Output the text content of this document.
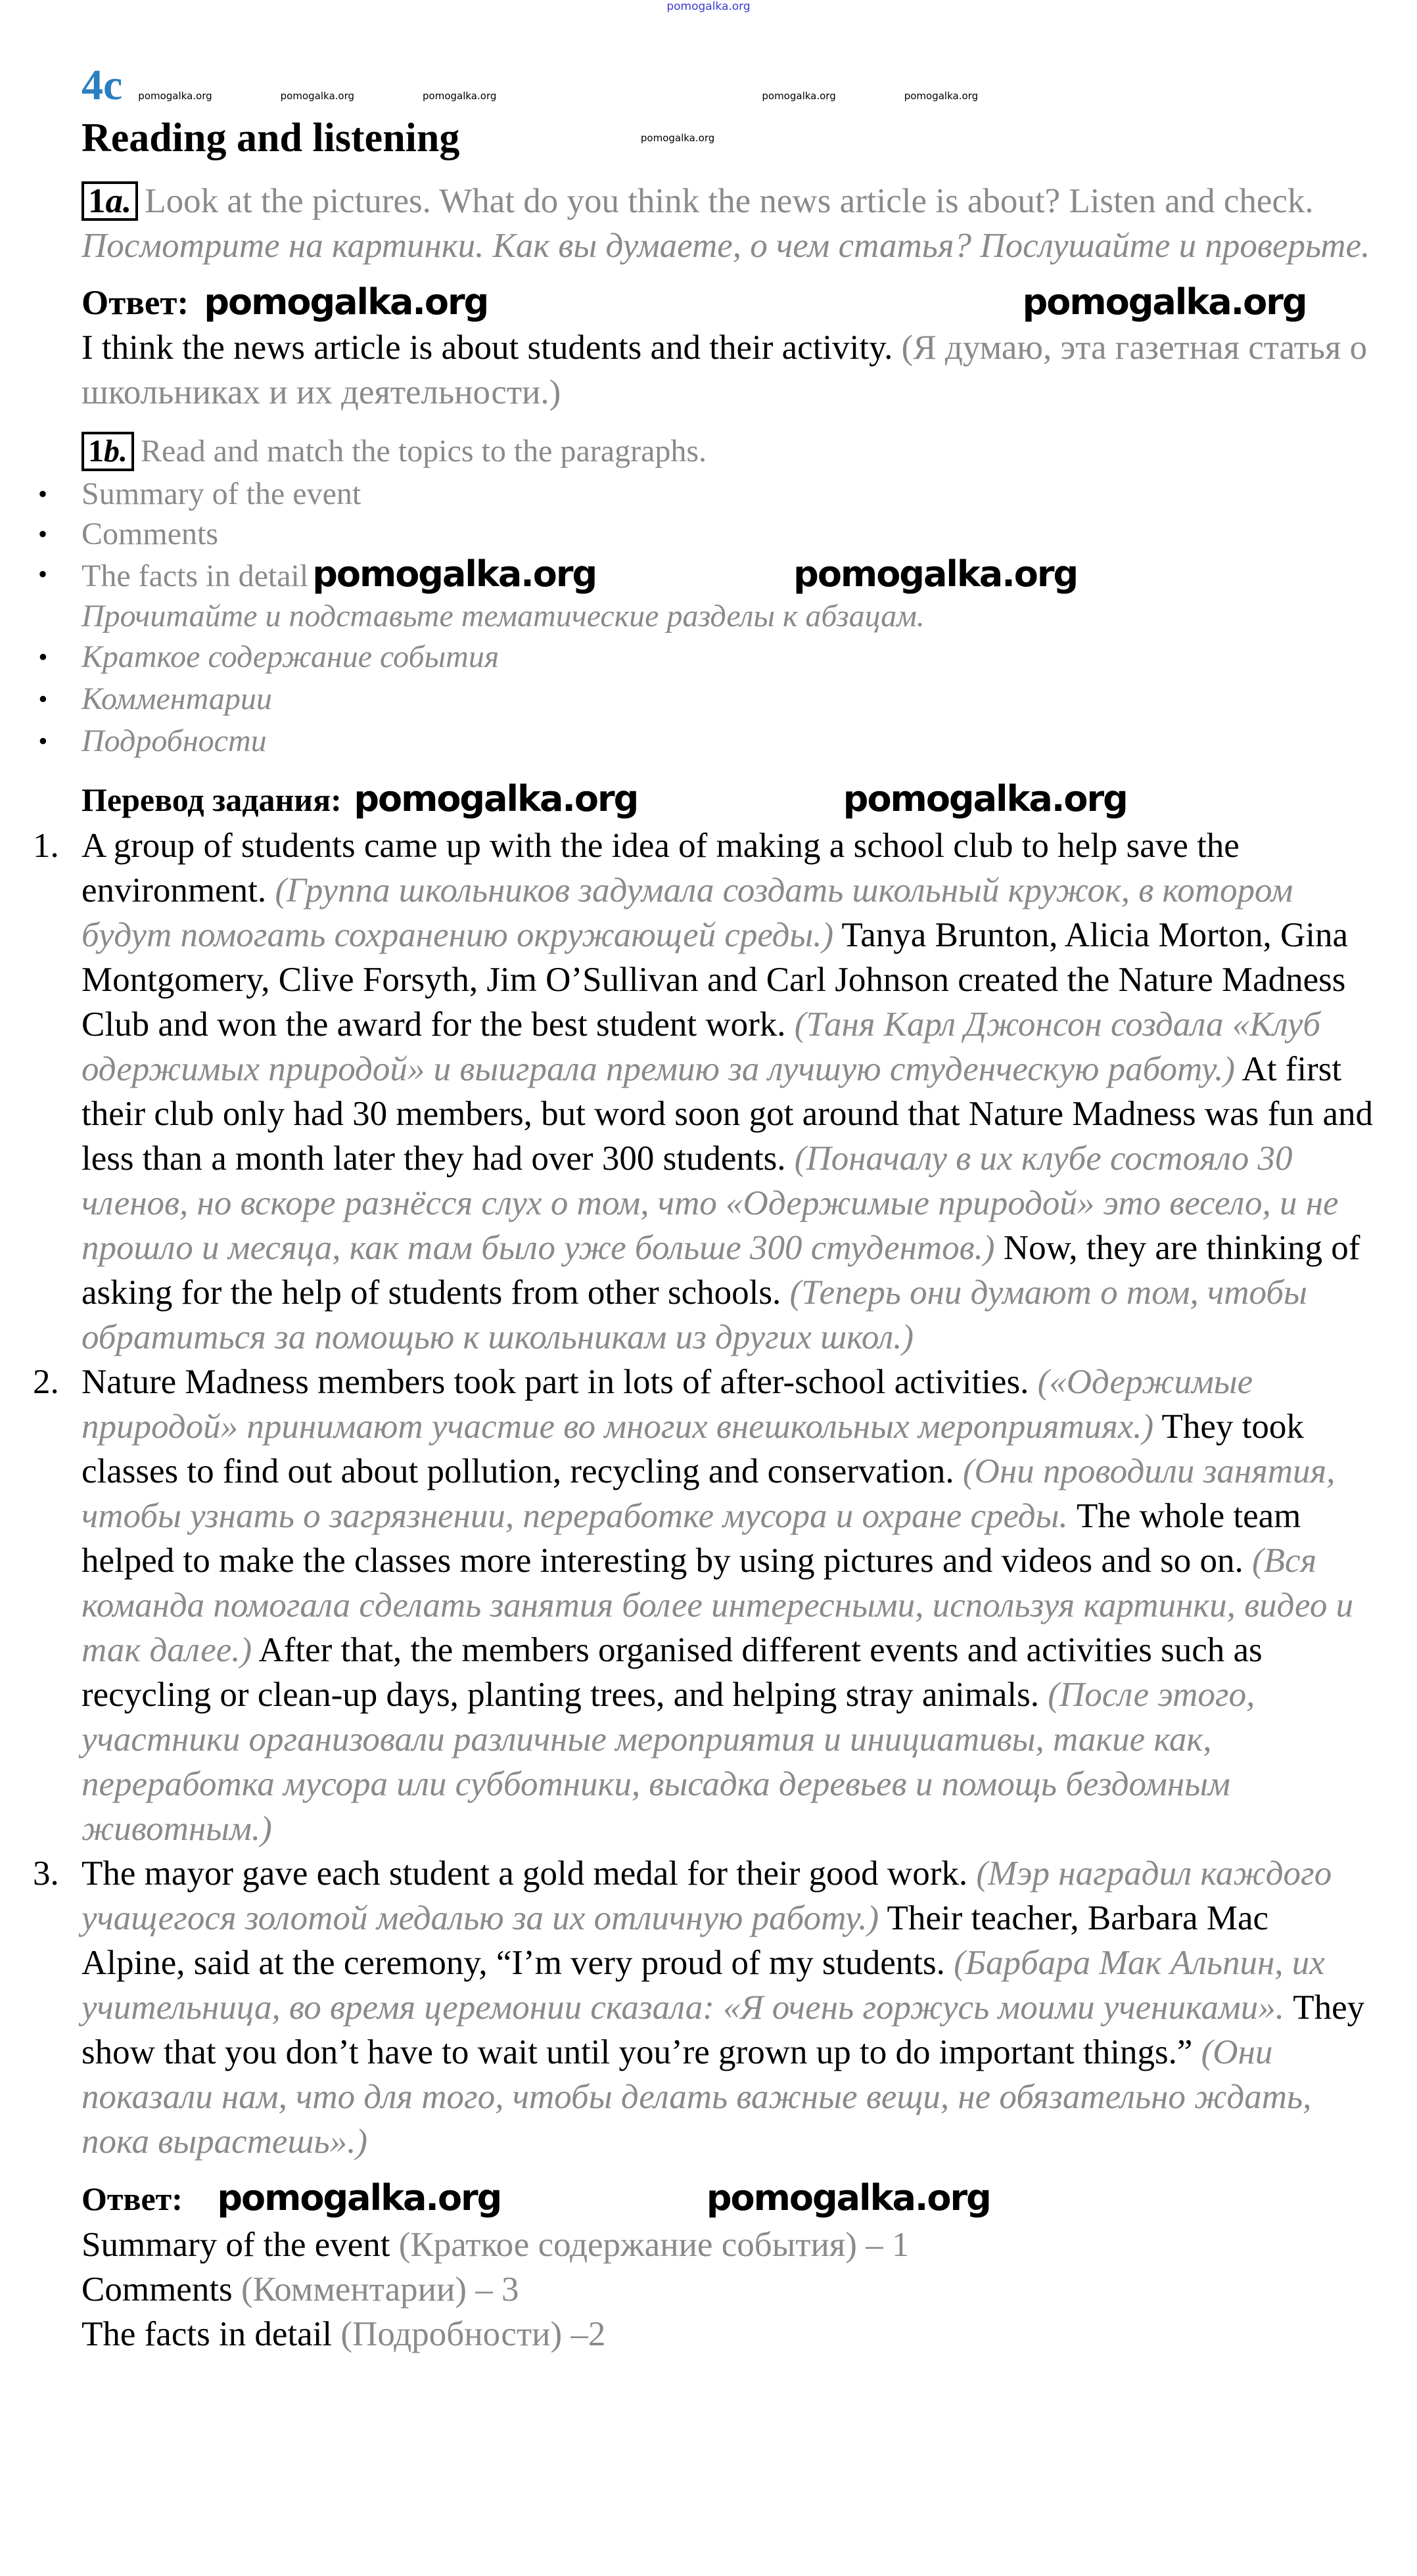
pomogalka.org
4c pomogalka.org	pomogalka.org	pomogalka.org	pomogalka.org	pomogalka.org
Reading and listening	pomogalka.org
1a. Look at the pictures. What do you think the news article is about? Listen and check.
Посмотрите на картинки. Как вы думаете, о чем статья? Послушайте и проверьте.
Ответ: pomogalka.org	pomogalka.org
I think the news article is about students and their activity. (Я думаю, эта газетная статья о школьниках и их деятельности.)
1b. Read and match the topics to the paragraphs.
• Summary of the event
• Comments
• The facts in detail pomogalka.org	pomogalka.org
Прочитайте и подставьте тематические разделы к абзацам.
• Краткое содержание события
• Комментарии
• Подробности
Перевод задания: pomogalka.org	pomogalka.org
1. A group of students came up with the idea of making a school club to help save the environment. (Группа школьников задумала создать школьный кружок, в котором будут помогать сохранению окружающей среды.) Tanya Brunton, Alicia Morton, Gina Montgomery, Clive Forsyth, Jim O’Sullivan and Carl Johnson created the Nature Madness Club and won the award for the best student work. (Таня Карл Джонсон создала «Клуб одержимых природой» и выиграла премию за лучшую студенческую работу.) At first their club only had 30 members, but word soon got around that Nature Madness was fun and less than a month later they had over 300 students. (Поначалу в их клубе состояло 30 членов, но вскоре разнёсся слух о том, что «Одержимые природой» это весело, и не прошло и месяца, как там было уже больше 300 студентов.) Now, they are thinking of asking for the help of students from other schools. (Теперь они думают о том, чтобы обратиться за помощью к школьникам из других школ.)
2. Nature Madness members took part in lots of after-school activities. («Одержимые природой» принимают участие во многих внешкольных мероприятиях.) They took classes to find out about pollution, recycling and conservation. (Они проводили занятия, чтобы узнать о загрязнении, переработке мусора и охране среды. The whole team helped to make the classes more interesting by using pictures and videos and so on. (Вся команда помогала сделать занятия более интересными, используя картинки, видео и так далее.) After that, the members organised different events and activities such as recycling or clean-up days, planting trees, and helping stray animals. (После этого, участники организовали различные мероприятия и инициативы, такие как, переработка мусора или субботники, высадка деревьев и помощь бездомным животным.)
3. The mayor gave each student a gold medal for their good work. (Мэр наградил каждого учащегося золотой медалью за их отличную работу.) Their teacher, Barbara Mac Alpine, said at the ceremony, “I’m very proud of my students. (Барбара Мак Альпин, их учительница, во время церемонии сказала: «Я очень горжусь моими учениками». They show that you don’t have to wait until you’re grown up to do important things.” (Они показали нам, что для того, чтобы делать важные вещи, не обязательно ждать, пока вырастешь».)
Ответ: pomogalka.org	pomogalka.org
Summary of the event (Краткое содержание события) – 1
Comments (Комментарии) – 3
The facts in detail (Подробности) –2
